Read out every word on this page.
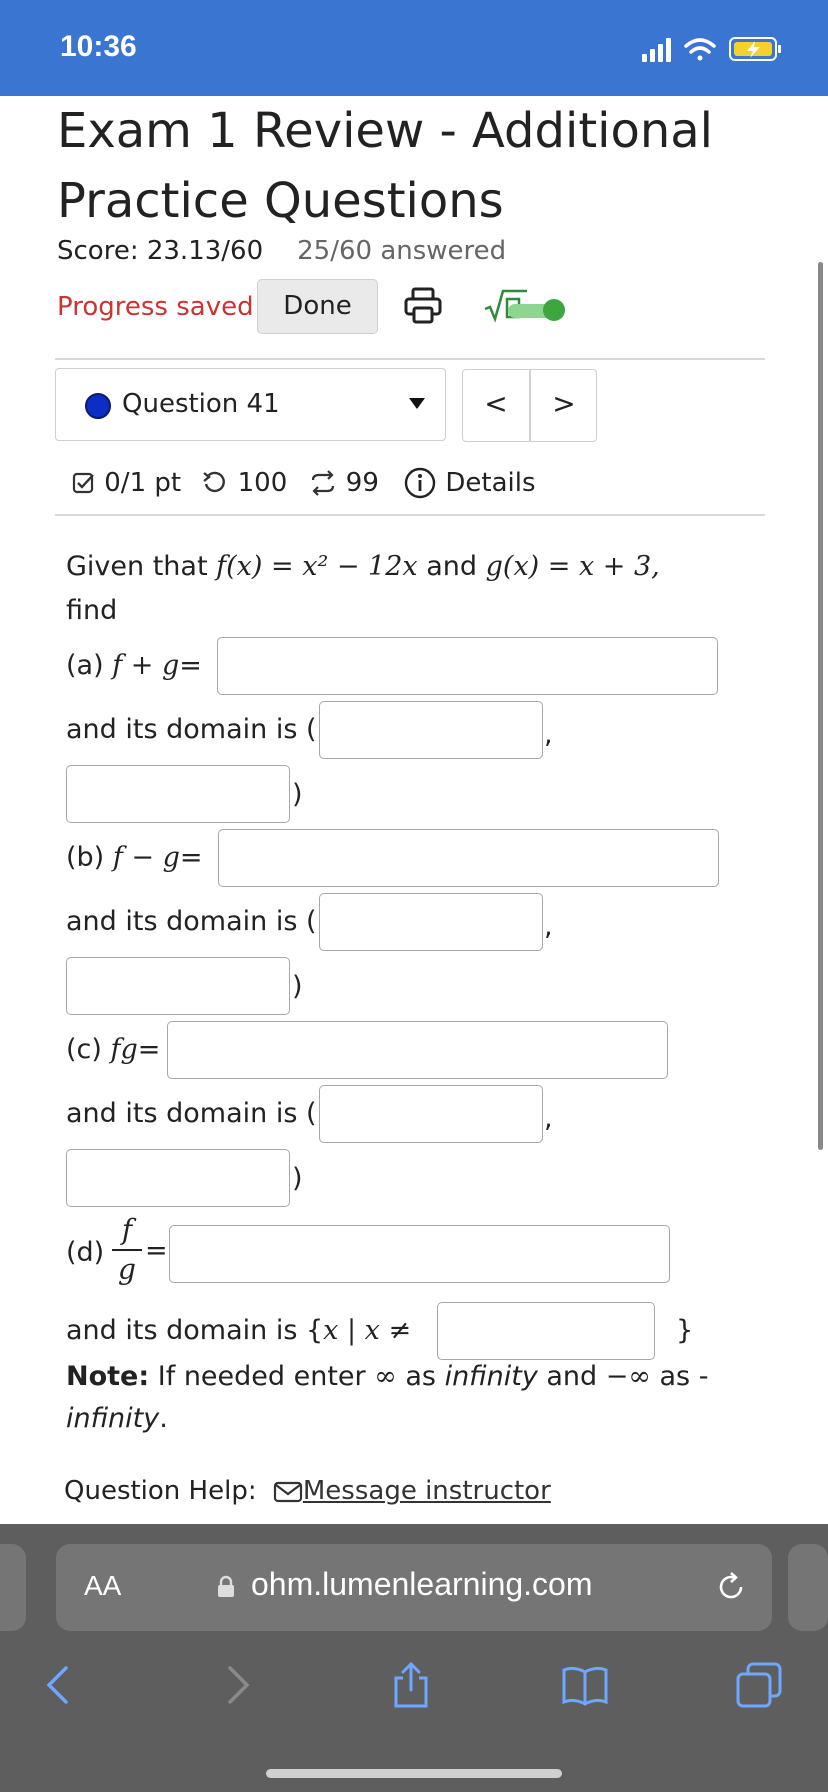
10:36
Exam 1 Review - Additional Practice Questions
Score: 23.13/60 25/60 answered
Progress saved	Done
Question 41	<	>
0/1 pt 100 99	Details
Given that f(x) = x² − 12x and g(x) = x + 3,
find
(a) f + g=
and its domain is (	,
)
(b) f − g=
and its domain is (	,
)
(c) fg=
and its domain is (	,
)
(d)
f
g
=
and its domain is {x | x ≠	}
Note: If needed enter ∞ as infinity and −∞ as - infinity.
Question Help: Message instructor
AA	ohm.lumenlearning.com
